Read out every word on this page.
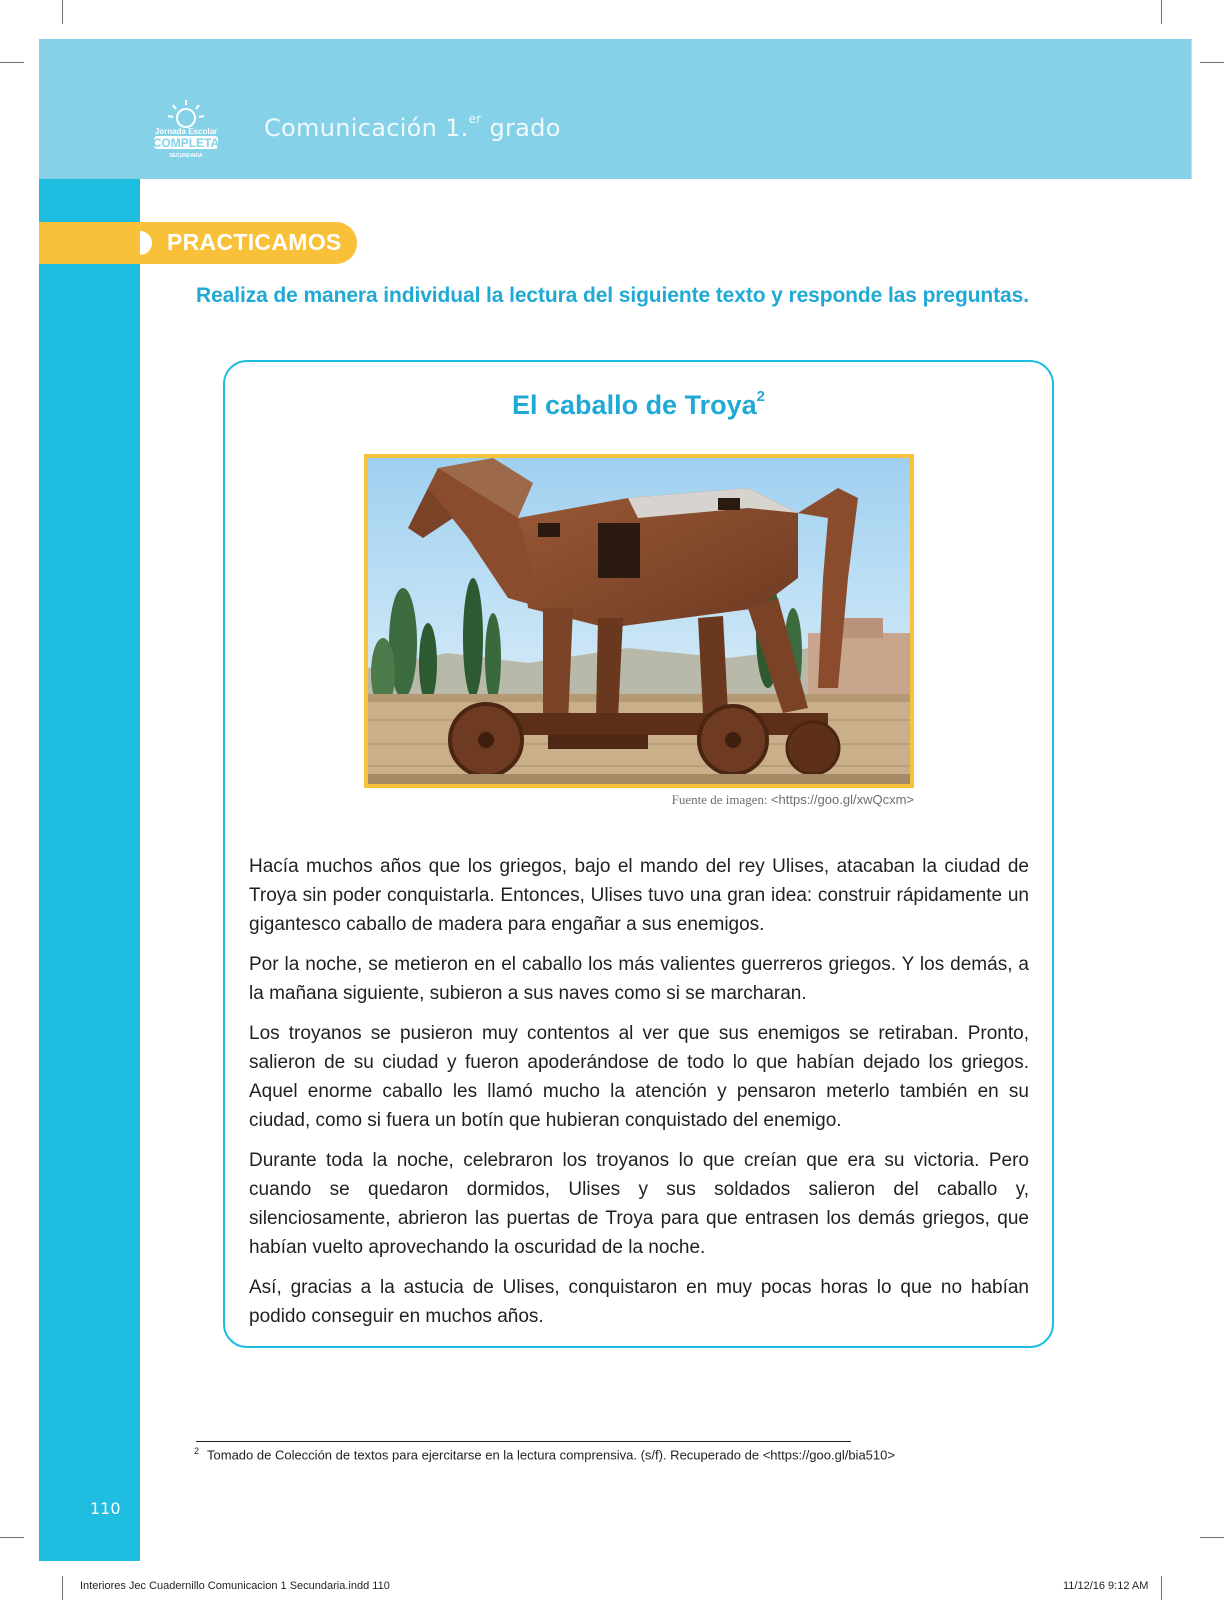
Jornada Escolar
COMPLETA
SECUNDARIA
Comunicación 1.$^{er}$ grado
PRACTICAMOS
Realiza de manera individual la lectura del siguiente texto y responde las preguntas.
El caballo de Troya$^2$
Fuente de imagen: <https://goo.gl/xwQcxm>

Hacía muchos años que los griegos, bajo el mando del rey Ulises, atacaban la ciudad de Troya sin poder conquistarla. Entonces, Ulises tuvo una gran idea: construir rápidamente un gigantesco caballo de madera para engañar a sus enemigos.

Por la noche, se metieron en el caballo los más valientes guerreros griegos. Y los demás, a la mañana siguiente, subieron a sus naves como si se marcharan.

Los troyanos se pusieron muy contentos al ver que sus enemigos se retiraban. Pronto, salieron de su ciudad y fueron apoderándose de todo lo que habían dejado los griegos. Aquel enorme caballo les llamó mucho la atención y pensaron meterlo también en su ciudad, como si fuera un botín que hubieran conquistado del enemigo.

Durante toda la noche, celebraron los troyanos lo que creían que era su victoria. Pero cuando se quedaron dormidos, Ulises y sus soldados salieron del caballo y, silenciosamente, abrieron las puertas de Troya para que entrasen los demás griegos, que habían vuelto aprovechando la oscuridad de la noche.

Así, gracias a la astucia de Ulises, conquistaron en muy pocas horas lo que no habían podido conseguir en muchos años.

$^2$ Tomado de Colección de textos para ejercitarse en la lectura comprensiva. (s/f). Recuperado de <https://goo.gl/bia510>
110
Interiores Jec Cuadernillo Comunicacion 1 Secundaria.indd 110	11/12/16 9:12 AM
